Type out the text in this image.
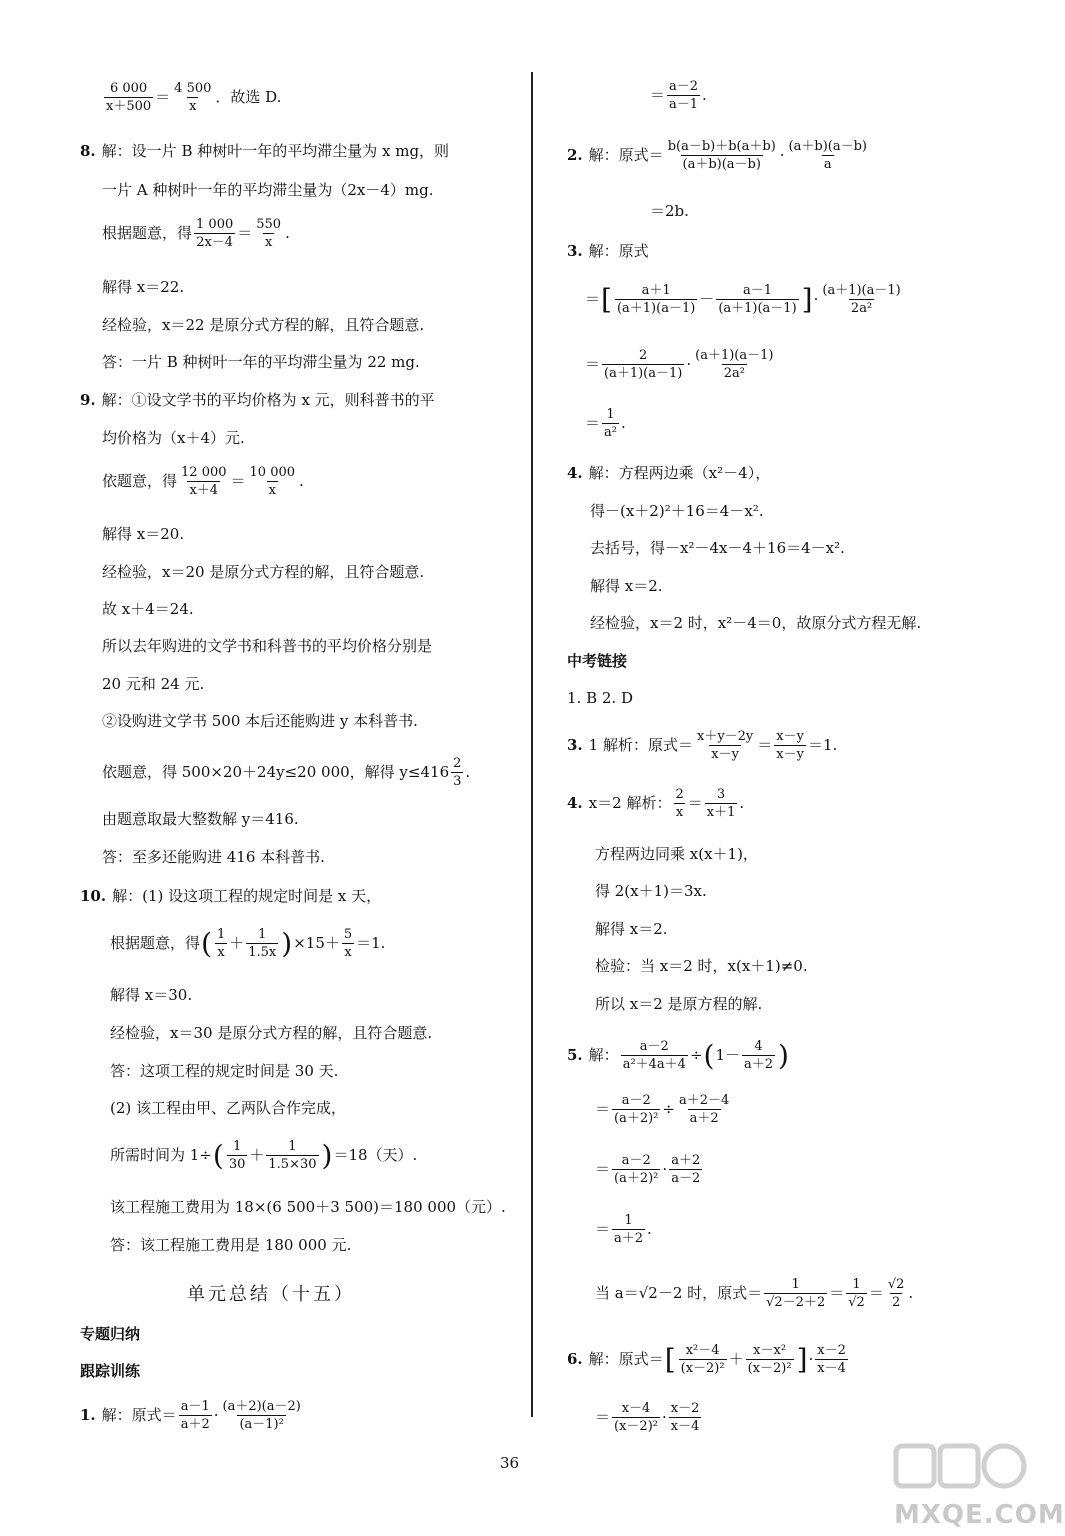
$\frac{6 000}{x+500} = \frac{4 500}{x}$ ．故选 D.
8. 解：设一片 B 种树叶一年的平均滞尘量为 x mg，则
一片 A 种树叶一年的平均滞尘量为（2x－4）mg.
根据题意，得 $\frac{1 000}{2x-4} = \frac{550}{x}$ .
解得 x＝22.
经检验，x＝22 是原分式方程的解，且符合题意.
答：一片 B 种树叶一年的平均滞尘量为 22 mg.
9. 解：①设文学书的平均价格为 x 元，则科普书的平
均价格为（x＋4）元.
依题意，得 $\frac{12 000}{x+4} = \frac{10 000}{x}$ .
解得 x＝20.
经检验，x＝20 是原分式方程的解，且符合题意.
故 x＋4＝24.
所以去年购进的文学书和科普书的平均价格分别是
20 元和 24 元.
②设购进文学书 500 本后还能购进 y 本科普书.
依题意，得 500×20＋24y≤20 000，解得 $y\le 416 \frac{2}{3}$ .
由题意取最大整数解 y＝416.
答：至多还能购进 416 本科普书.
10. 解：(1) 设这项工程的规定时间是 x 天，
根据题意，得 ( $\frac{1}{x} + \frac{1}{1.5x}$ ) $\times 15+ \frac{5}{x} =1$.
解得 x＝30.
经检验，x＝30 是原分式方程的解，且符合题意.
答：这项工程的规定时间是 30 天.
(2) 该工程由甲、乙两队合作完成，
所需时间为 1÷ ( $\frac{1}{30} + \frac{1}{1.5\times 30}$ ) ＝18（天）.
该工程施工费用为 18×(6 500＋3 500)＝180 000（元）.
答：该工程施工费用是 180 000 元.
专题归纳
跟踪训练
1. 解：原式＝ $\frac{a-1}{a+2} \cdot \frac{(a+2)(a-2)}{\text{(a－1)²}}$
单元总结（十五）
＝ $\frac{a-2}{a-1}$ .
2. 解：原式＝ $\frac{b(a-b)+b(a+b)}{(a+b)(a-b)} \cdot \frac{(a+b)(a-b)}{a}$
＝2b.
3. 解：原式
＝ [ $\frac{a+1}{(a+1)(a-1)} - \frac{a-1}{(a+1)(a-1)}$ ] · $\frac{(a+1)(a-1)}{\text{2a²}}$
＝ $\frac{2}{(a+1)(a-1)} \cdot \frac{(a+1)(a-1)}{\text{2a²}}$
＝ $\frac{1}{\text{a²}}$ .
4. 解：方程两边乘（x²－4），
得－(x＋2)²＋16＝4－x².
去括号，得－x²－4x－4＋16＝4－x².
解得 x＝2.
经检验，x＝2 时，x²－4＝0，故原分式方程无解.
中考链接
1. B 2. D
3. 1 解析：原式＝ $\frac{x+y-2y}{x-y} = \frac{x-y}{x-y} =1$.
4. x＝2 解析： $\frac{2}{x} = \frac{3}{x+1}$ .
方程两边同乘 x(x＋1)，
得 2(x＋1)＝3x.
解得 x＝2.
检验：当 x＝2 时，x(x＋1)≠0.
所以 x＝2 是原方程的解.
5. 解： $\frac{a-2}{\text{a²＋4a＋4}}$ ÷ ( $1- \frac{4}{a+2}$ )
＝ $\frac{a-2}{\text{(a＋2)²}} \div \frac{a+2-4}{a+2}$
＝ $\frac{a-2}{\text{(a＋2)²}} \cdot \frac{a+2}{a-2}$
＝ $\frac{1}{a+2}$ .
当 a＝√2－2 时，原式＝ $\frac{1}{√2-2+2} = \frac{1}{√2} = \frac{√2}{2}$ .
6. 解：原式＝ [ $\frac{\text{x²－4}}{\text{(x－2)²}} + \frac{\text{x－x²}}{\text{(x－2)²}}$ ] · $\frac{x-2}{x-4}$
＝ $\frac{x-4}{\text{(x－2)²}} \cdot \frac{x-2}{x-4}$
36
MXQE.COM
